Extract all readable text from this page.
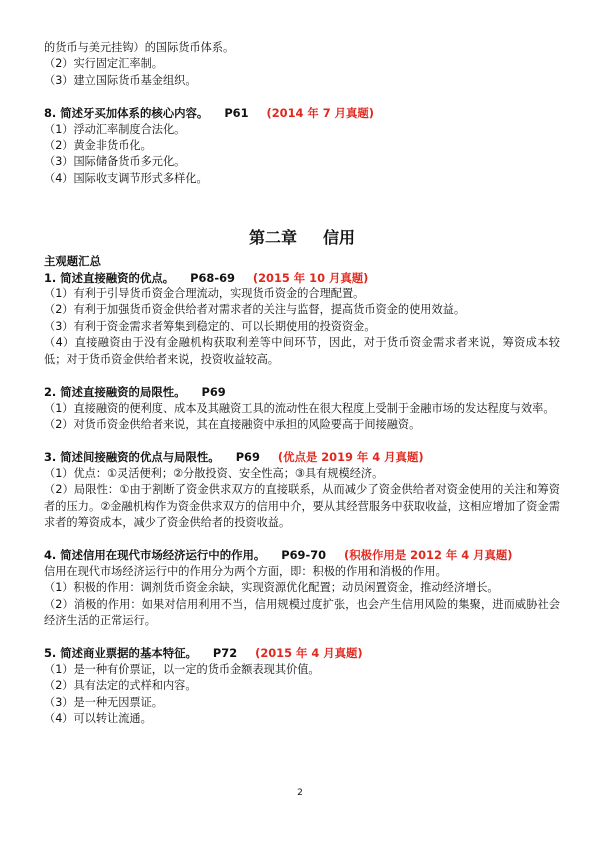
的货币与美元挂钩）的国际货币体系。

（2）实行固定汇率制。

（3）建立国际货币基金组织。

8. 简述牙买加体系的核心内容。 P61 (2014 年 7 月真题)

（1）浮动汇率制度合法化。

（2）黄金非货币化。

（3）国际储备货币多元化。

（4）国际收支调节形式多样化。

第二章 信用

主观题汇总

1. 简述直接融资的优点。 P68-69 (2015 年 10 月真题)

（1）有利于引导货币资金合理流动，实现货币资金的合理配置。

（2）有利于加强货币资金供给者对需求者的关注与监督，提高货币资金的使用效益。

（3）有利于资金需求者筹集到稳定的、可以长期使用的投资资金。

（4）直接融资由于没有金融机构获取利差等中间环节，因此，对于货币资金需求者来说，筹资成本较低；对于货币资金供给者来说，投资收益较高。

2. 简述直接融资的局限性。 P69

（1）直接融资的便利度、成本及其融资工具的流动性在很大程度上受制于金融市场的发达程度与效率。

（2）对货币资金供给者来说，其在直接融资中承担的风险要高于间接融资。

3. 简述间接融资的优点与局限性。 P69 (优点是 2019 年 4 月真题)

（1）优点：①灵活便利；②分散投资、安全性高；③具有规模经济。

（2）局限性：①由于割断了资金供求双方的直接联系，从而减少了资金供给者对资金使用的关注和筹资者的压力。②金融机构作为资金供求双方的信用中介，要从其经营服务中获取收益，这相应增加了资金需求者的筹资成本，减少了资金供给者的投资收益。

4. 简述信用在现代市场经济运行中的作用。 P69-70 (积极作用是 2012 年 4 月真题)

信用在现代市场经济运行中的作用分为两个方面，即：积极的作用和消极的作用。

（1）积极的作用：调剂货币资金余缺，实现资源优化配置；动员闲置资金，推动经济增长。

（2）消极的作用：如果对信用利用不当，信用规模过度扩张，也会产生信用风险的集聚，进而威胁社会经济生活的正常运行。

5. 简述商业票据的基本特征。 P72 (2015 年 4 月真题)

（1）是一种有价票证，以一定的货币金额表现其价值。

（2）具有法定的式样和内容。

（3）是一种无因票证。

（4）可以转让流通。

2
